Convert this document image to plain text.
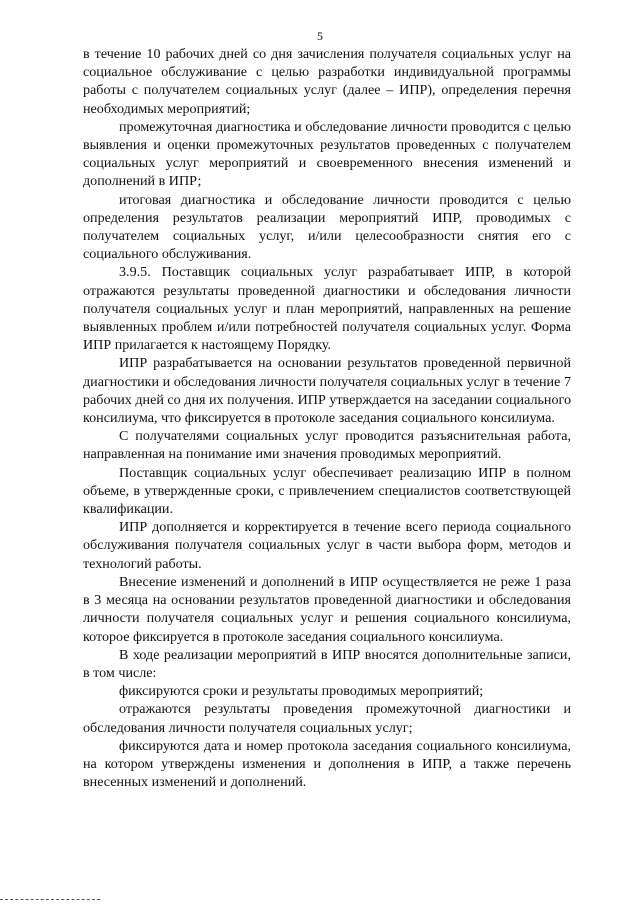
5

в течение 10 рабочих дней со дня зачисления получателя социальных услуг на социальное обслуживание с целью разработки индивидуальной программы работы с получателем социальных услуг (далее – ИПР), определения перечня необходимых мероприятий;

промежуточная диагностика и обследование личности проводится с целью выявления и оценки промежуточных результатов проведенных с получателем социальных услуг мероприятий и своевременного внесения изменений и дополнений в ИПР;

итоговая диагностика и обследование личности проводится с целью определения результатов реализации мероприятий ИПР, проводимых с получателем социальных услуг, и/или целесообразности снятия его с социального обслуживания.

3.9.5. Поставщик социальных услуг разрабатывает ИПР, в которой отражаются результаты проведенной диагностики и обследования личности получателя социальных услуг и план мероприятий, направленных на решение выявленных проблем и/или потребностей получателя социальных услуг. Форма ИПР прилагается к настоящему Порядку.

ИПР разрабатывается на основании результатов проведенной первичной диагностики и обследования личности получателя социальных услуг в течение 7 рабочих дней со дня их получения. ИПР утверждается на заседании социального консилиума, что фиксируется в протоколе заседания социального консилиума.

С получателями социальных услуг проводится разъяснительная работа, направленная на понимание ими значения проводимых мероприятий.

Поставщик социальных услуг обеспечивает реализацию ИПР в полном объеме, в утвержденные сроки, с привлечением специалистов соответствующей квалификации.

ИПР дополняется и корректируется в течение всего периода социального обслуживания получателя социальных услуг в части выбора форм, методов и технологий работы.

Внесение изменений и дополнений в ИПР осуществляется не реже 1 раза в 3 месяца на основании результатов проведенной диагностики и обследования личности получателя социальных услуг и решения социального консилиума, которое фиксируется в протоколе заседания социального консилиума.

В ходе реализации мероприятий в ИПР вносятся дополнительные записи, в том числе:

фиксируются сроки и результаты проводимых мероприятий;

отражаются результаты проведения промежуточной диагностики и обследования личности получателя социальных услуг;

фиксируются дата и номер протокола заседания социального консилиума, на котором утверждены изменения и дополнения в ИПР, а также перечень внесенных изменений и дополнений.
